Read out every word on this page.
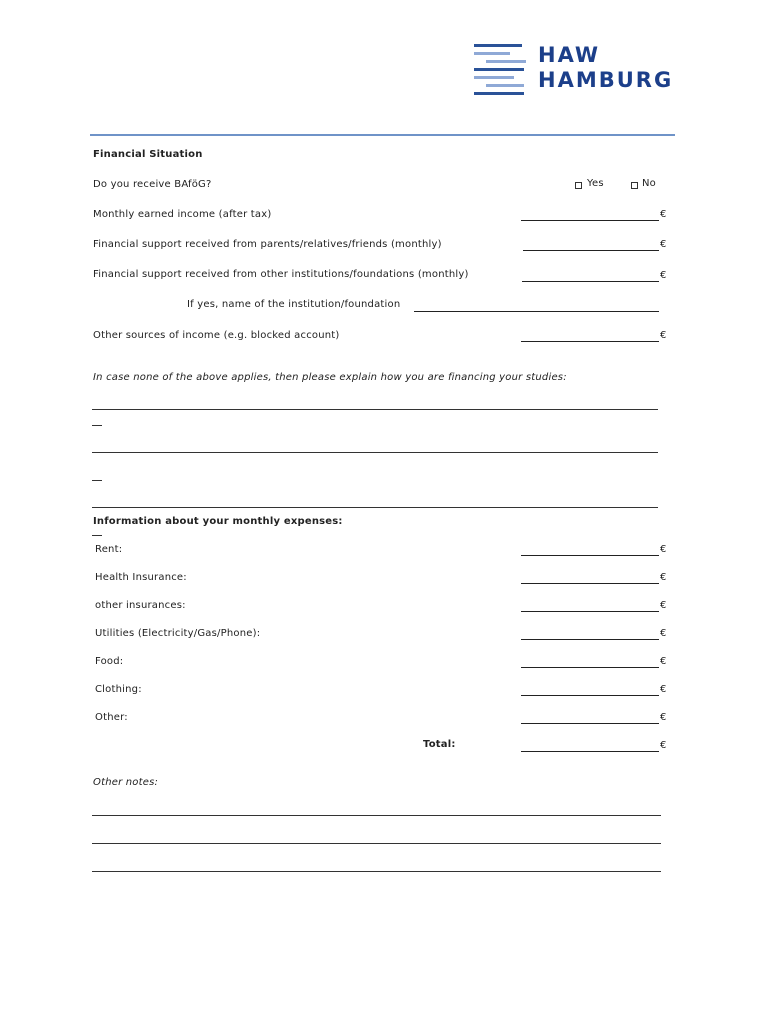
HAW
HAMBURG
Financial Situation
Do you receive BAföG?	Yes	No
Monthly earned income (after tax)	€
Financial support received from parents/relatives/friends (monthly)	€
Financial support received from other institutions/foundations (monthly)	€
If yes, name of the institution/foundation
Other sources of income (e.g. blocked account)	€
In case none of the above applies, then please explain how you are financing your studies:
Information about your monthly expenses:
Rent:	€
Health Insurance:	€
other insurances:	€
Utilities (Electricity/Gas/Phone):	€
Food:	€
Clothing:	€
Other:	€
Total:	€
Other notes:
